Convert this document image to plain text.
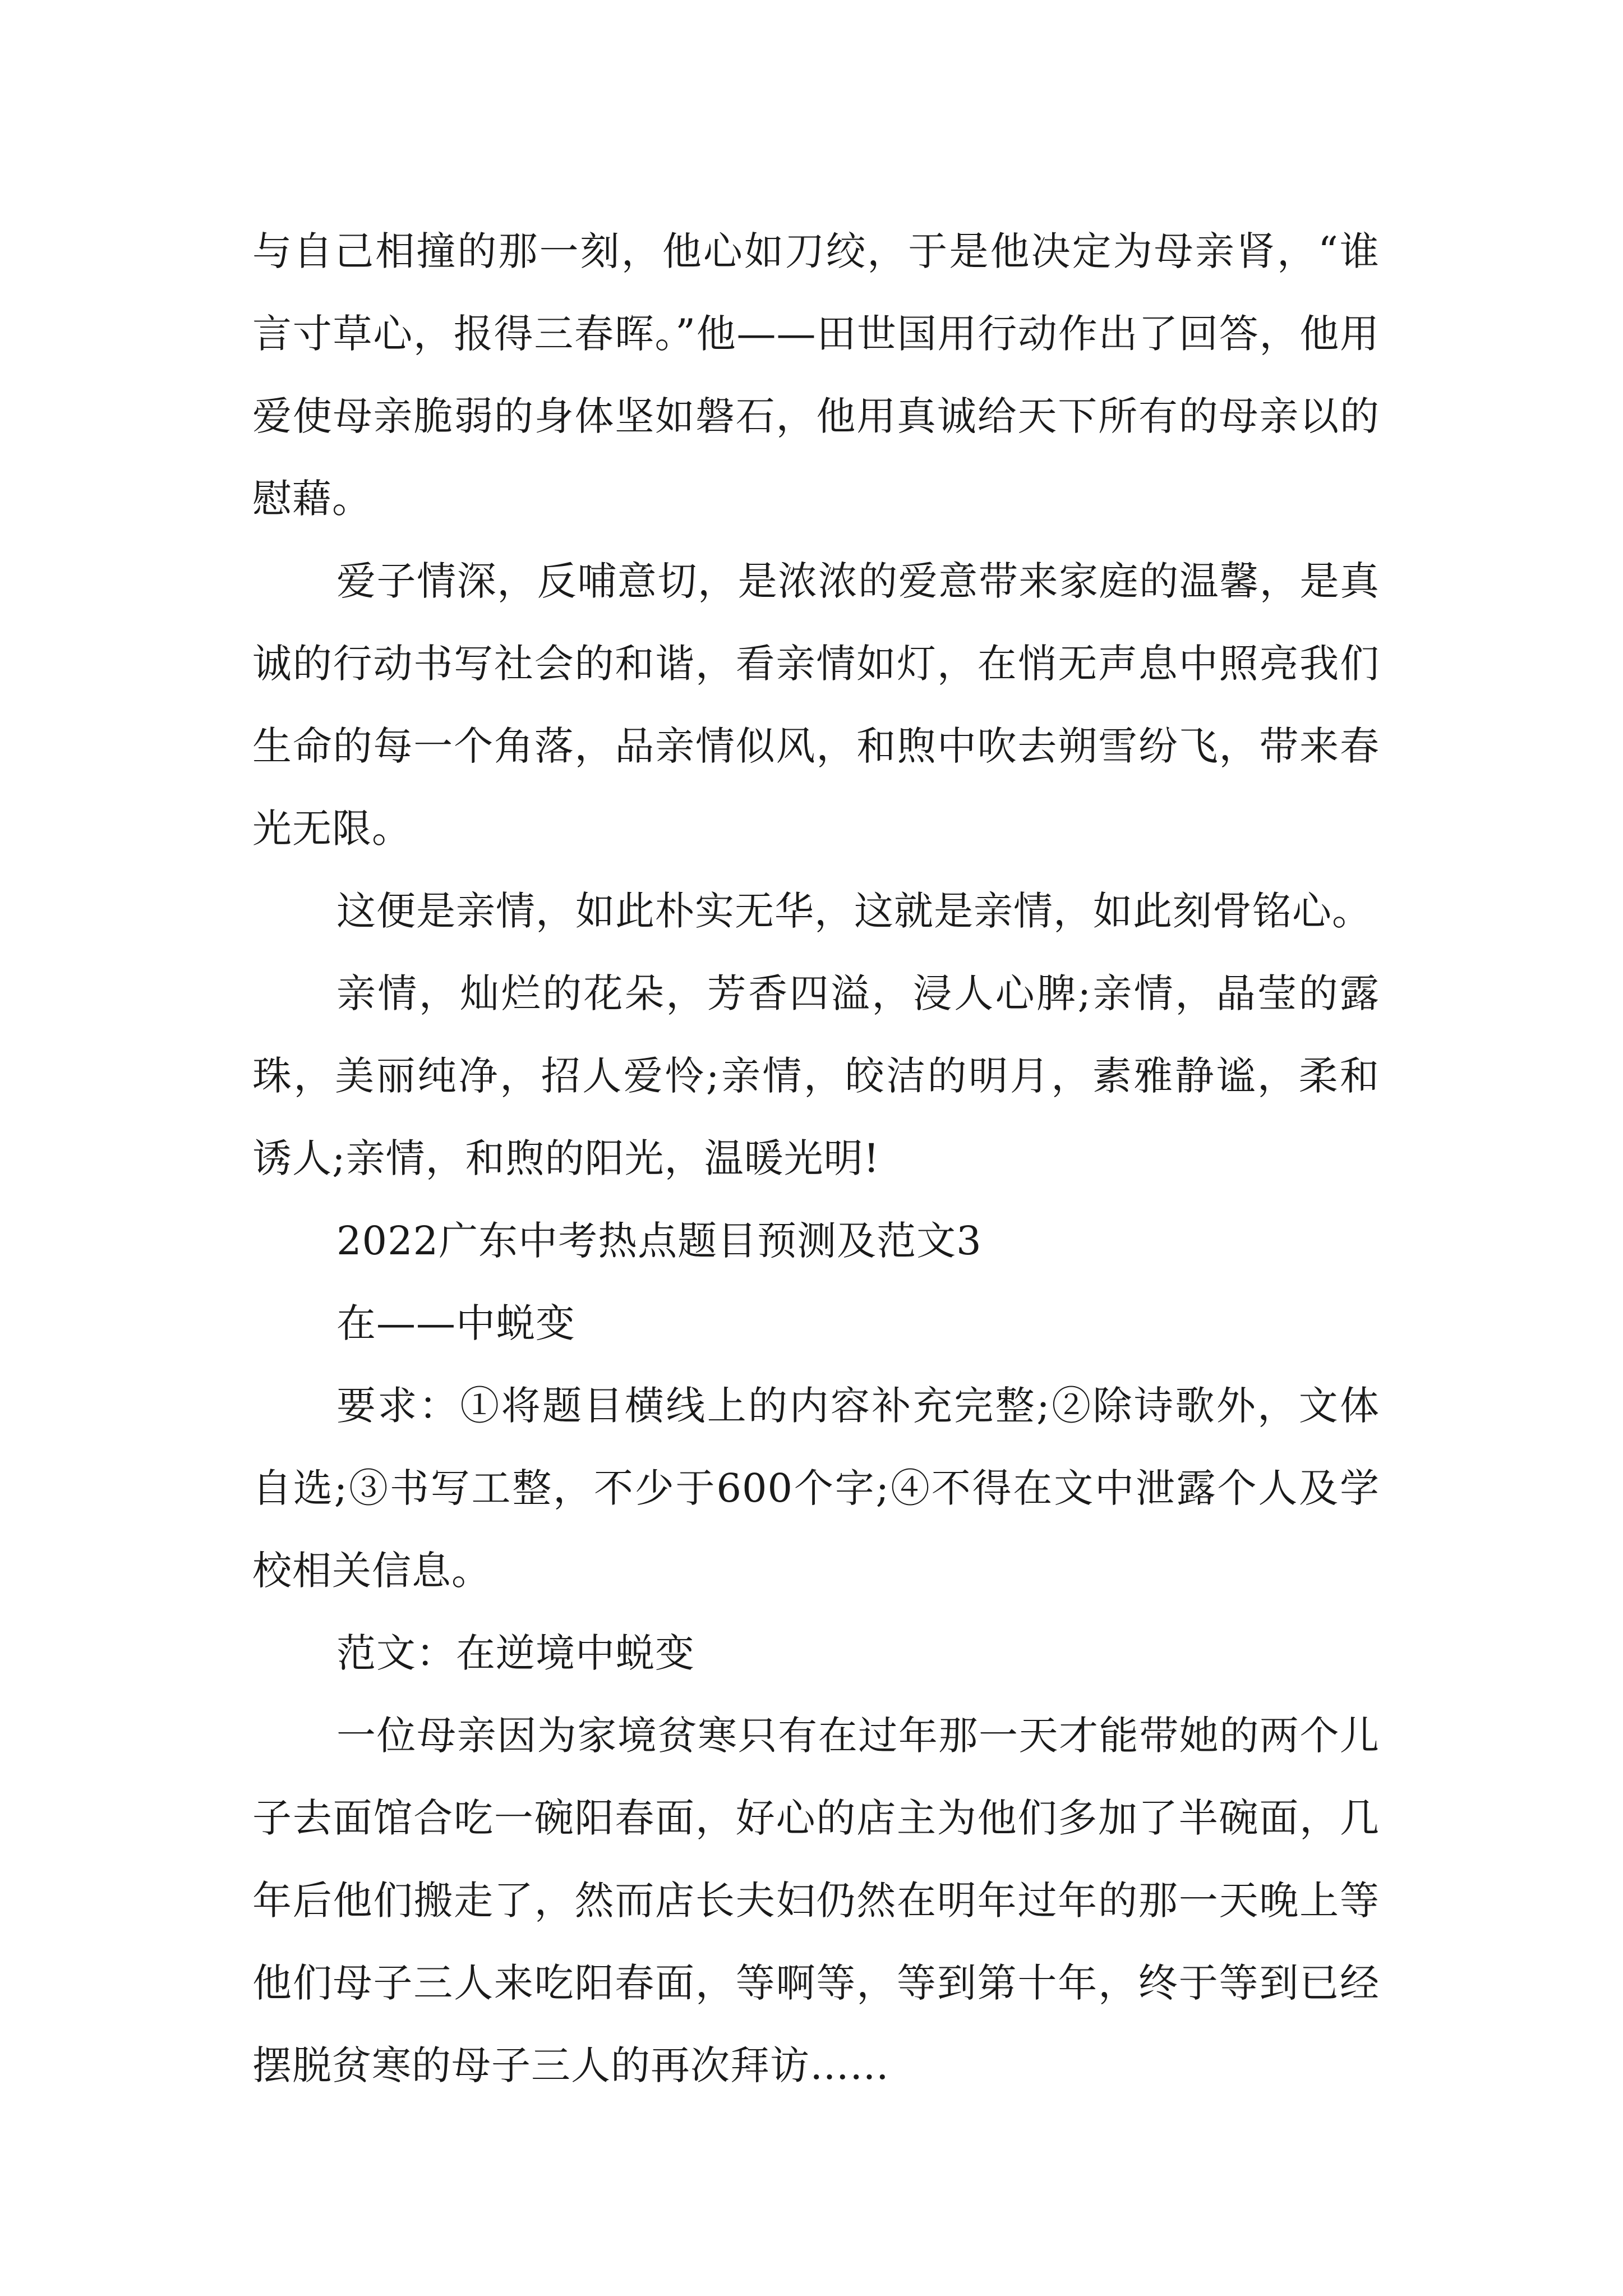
与自己相撞的那一刻，他心如刀绞，于是他决定为母亲肾，“谁言寸草心，报得三春晖。”他——田世国用行动作出了回答，他用爱使母亲脆弱的身体坚如磐石，他用真诚给天下所有的母亲以的慰藉。

爱子情深，反哺意切，是浓浓的爱意带来家庭的温馨，是真诚的行动书写社会的和谐，看亲情如灯，在悄无声息中照亮我们生命的每一个角落，品亲情似风，和煦中吹去朔雪纷飞，带来春光无限。

这便是亲情，如此朴实无华，这就是亲情，如此刻骨铭心。

亲情，灿烂的花朵，芳香四溢，浸人心脾;亲情，晶莹的露珠，美丽纯净，招人爱怜;亲情，皎洁的明月，素雅静谧，柔和诱人;亲情，和煦的阳光，温暖光明!

2022广东中考热点题目预测及范文3

在——中蜕变

要求：①将题目横线上的内容补充完整;②除诗歌外，文体自选;③书写工整，不少于600个字;④不得在文中泄露个人及学校相关信息。

范文：在逆境中蜕变

一位母亲因为家境贫寒只有在过年那一天才能带她的两个儿子去面馆合吃一碗阳春面，好心的店主为他们多加了半碗面，几年后他们搬走了，然而店长夫妇仍然在明年过年的那一天晚上等他们母子三人来吃阳春面，等啊等，等到第十年，终于等到已经摆脱贫寒的母子三人的再次拜访……
